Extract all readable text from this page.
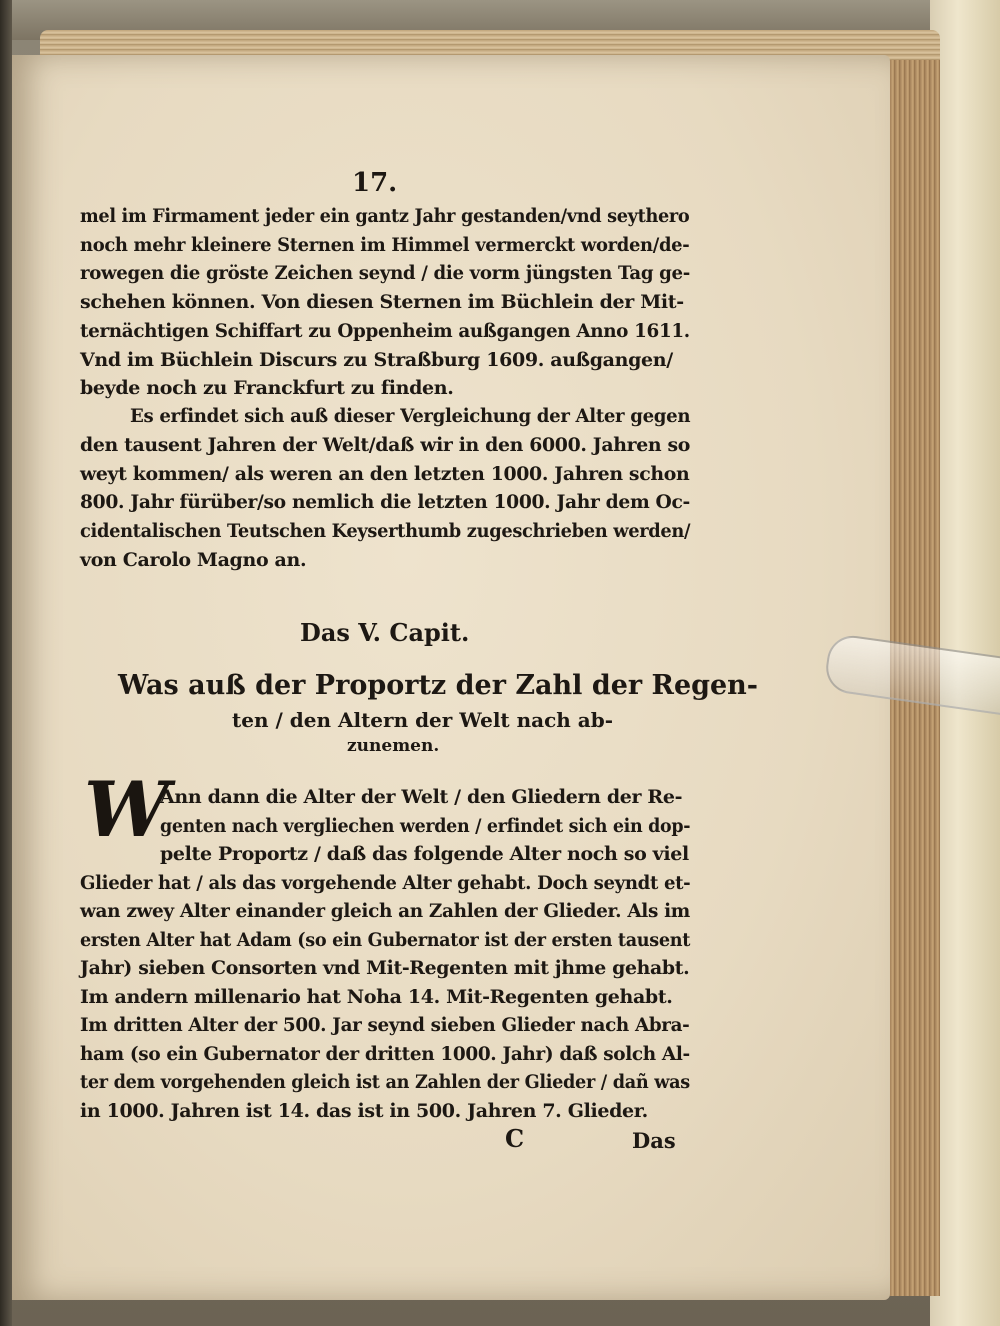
17.
mel im Firmament jeder ein gantz Jahr gestanden/vnd seythero
noch mehr kleinere Sternen im Himmel vermerckt worden/de-
rowegen die gröste Zeichen seynd / die vorm jüngsten Tag ge-
schehen können. Von diesen Sternen im Büchlein der Mit-
ternächtigen Schiffart zu Oppenheim außgangen Anno 1611.
Vnd im Büchlein Discurs zu Straßburg 1609. außgangen/
beyde noch zu Franckfurt zu finden.
Es erfindet sich auß dieser Vergleichung der Alter gegen
den tausent Jahren der Welt/daß wir in den 6000. Jahren so
weyt kommen/ als weren an den letzten 1000. Jahren schon
800. Jahr fürüber/so nemlich die letzten 1000. Jahr dem Oc-
cidentalischen Teutschen Keyserthumb zugeschrieben werden/
von Carolo Magno an.
Das V. Capit.
Was auß der Proportz der Zahl der Regen-
ten / den Altern der Welt nach ab-
zunemen.
W
Ann dann die Alter der Welt / den Gliedern der Re-
genten nach vergliechen werden / erfindet sich ein dop-
pelte Proportz / daß das folgende Alter noch so viel
Glieder hat / als das vorgehende Alter gehabt. Doch seyndt et-
wan zwey Alter einander gleich an Zahlen der Glieder. Als im
ersten Alter hat Adam (so ein Gubernator ist der ersten tausent
Jahr) sieben Consorten vnd Mit-Regenten mit jhme gehabt.
Im andern millenario hat Noha 14. Mit-Regenten gehabt.
Im dritten Alter der 500. Jar seynd sieben Glieder nach Abra-
ham (so ein Gubernator der dritten 1000. Jahr) daß solch Al-
ter dem vorgehenden gleich ist an Zahlen der Glieder / dañ was
in 1000. Jahren ist 14. das ist in 500. Jahren 7. Glieder.
C	Das
